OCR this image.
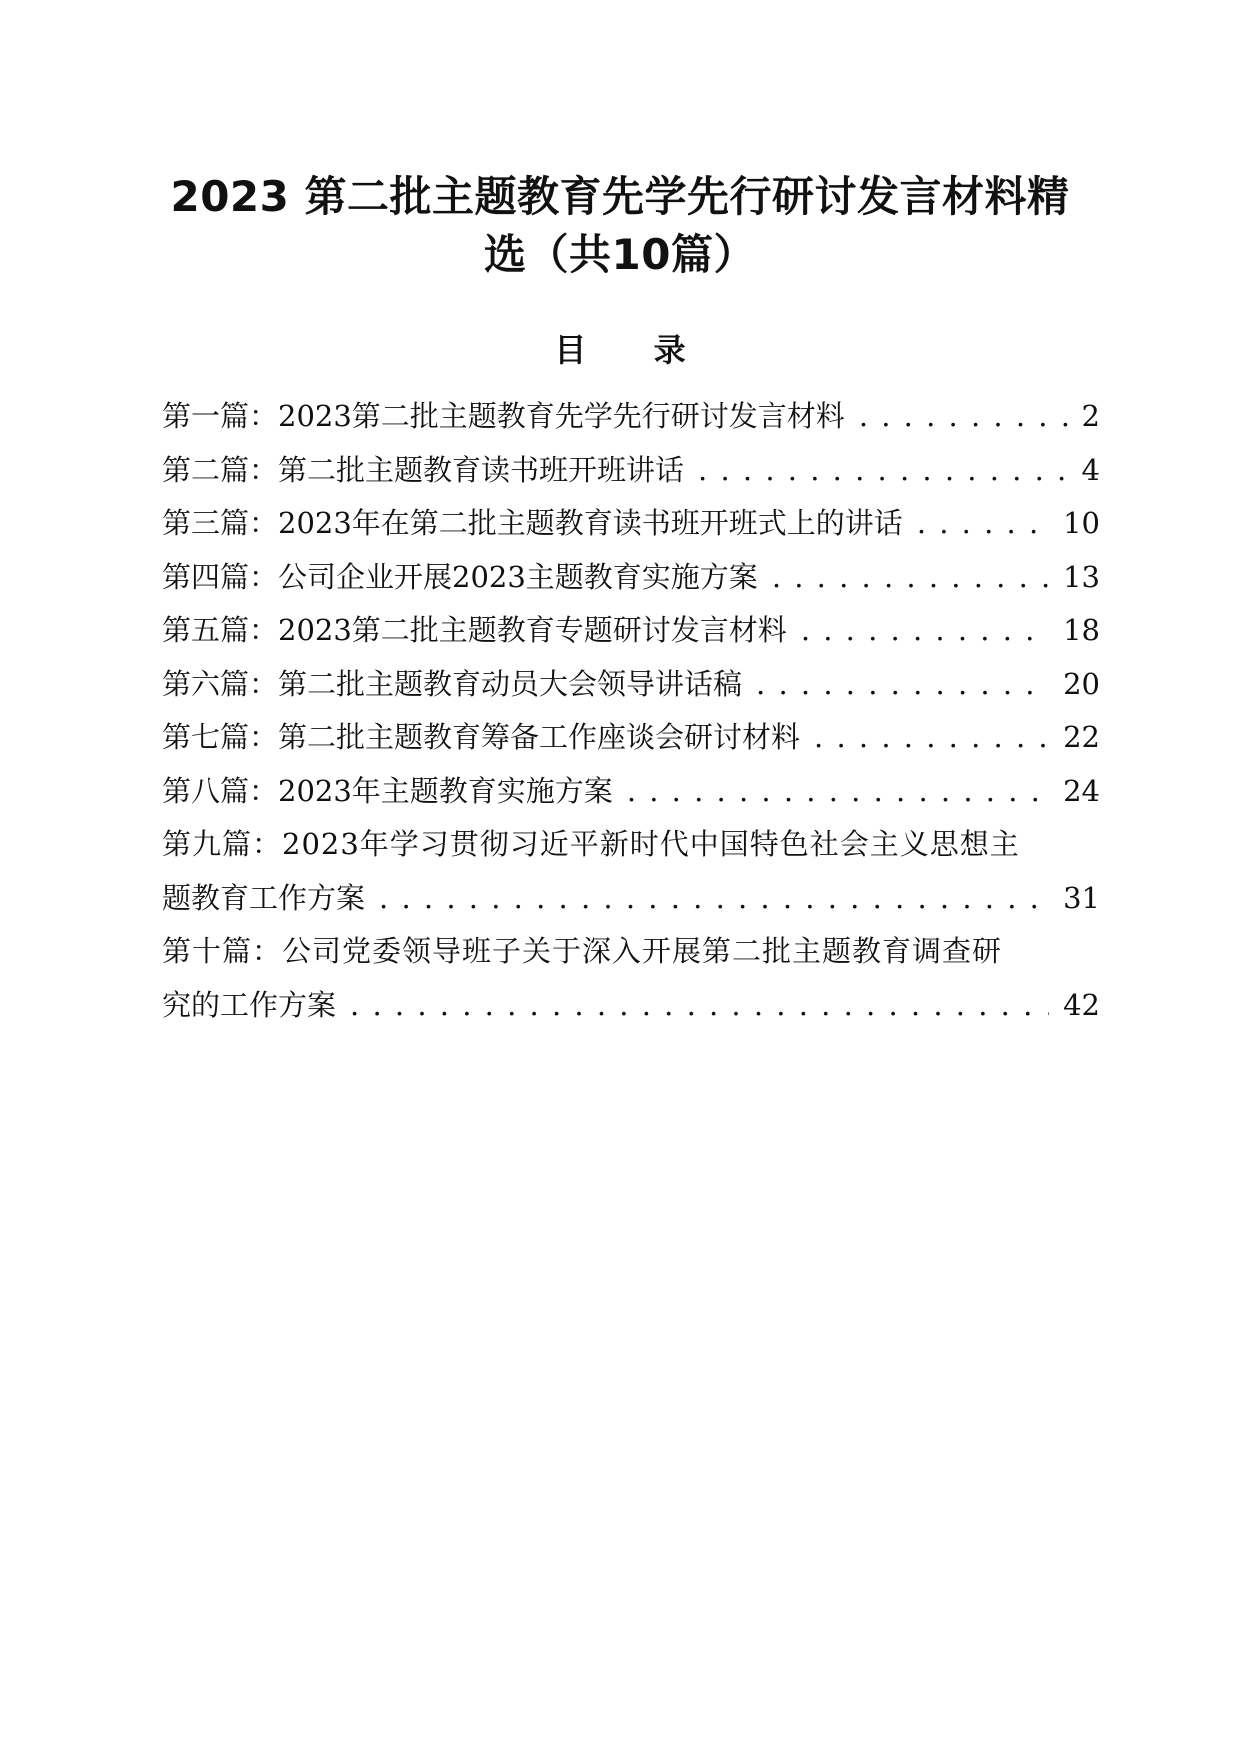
2023 第二批主题教育先学先行研讨发言材料精选（共10篇）
目 录
第一篇：2023第二批主题教育先学先行研讨发言材料 . . .	2
第二篇：第二批主题教育读书班开班讲话 . . .	4
第三篇：2023年在第二批主题教育读书班开班式上的讲话 . . .	10
第四篇：公司企业开展2023主题教育实施方案 . . .	13
第五篇：2023第二批主题教育专题研讨发言材料 . . .	18
第六篇：第二批主题教育动员大会领导讲话稿 . . .	20
第七篇：第二批主题教育筹备工作座谈会研讨材料 . . .	22
第八篇：2023年主题教育实施方案 . . .	24
第九篇：2023年学习贯彻习近平新时代中国特色社会主义思想主
题教育工作方案 . . .	31
第十篇：公司党委领导班子关于深入开展第二批主题教育调查研
究的工作方案 . . .	42
